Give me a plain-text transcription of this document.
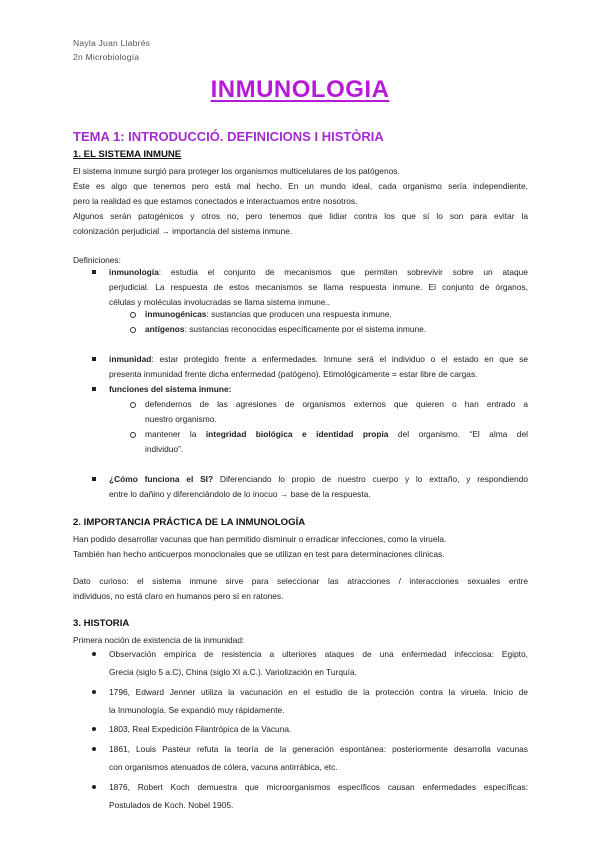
Nayla Juan Llabrés
2n Microbiología
INMUNOLOGIA
TEMA 1: INTRODUCCIÓ. DEFINICIONS I HISTÒRIA
1. EL SISTEMA INMUNE
El sistema inmune surgió para proteger los organismos multicelulares de los patógenos.
Éste es algo que tenemos pero está mal hecho. En un mundo ideal, cada organismo sería independiente,
pero la realidad es que estamos conectados e interactuamos entre nosotros.
Algunos serán patogénicos y otros no, pero tenemos que lidiar contra los que sí lo son para evitar la
colonización perjudicial → importancia del sistema inmune.
Definiciones:
inmunología: estudia el conjunto de mecanismos que permiten sobrevivir sobre un ataque
perjudicial. La respuesta de estos mecanismos se llama respuesta inmune. El conjunto de órganos,
células y moléculas involucradas se llama sistema inmune..
inmunogénicas: sustancias que producen una respuesta inmune.
antígenos: sustancias reconocidas específicamente por el sistema inmune.
inmunidad: estar protegido frente a enfermedades. Inmune será el individuo o el estado en que se
presenta inmunidad frente dicha enfermedad (patógeno). Etimológicamente = estar libre de cargas.
funciones del sistema inmune:
defendernos de las agresiones de organismos externos que quieren o han entrado a
nuestro organismo.
mantener la integridad biológica e identidad propia del organismo. “El alma del
individuo”.
¿Cómo funciona el SI? Diferenciando lo propio de nuestro cuerpo y lo extraño, y respondiendo
entre lo dañino y diferenciándolo de lo inocuo → base de la respuesta.
2. IMPORTANCIA PRÁCTICA DE LA INMUNOLOGÍA
Han podido desarrollar vacunas que han permitido disminuir o erradicar infecciones, como la viruela.
También han hecho anticuerpos monoclonales que se utilizan en test para determinaciones clínicas.
Dato curioso: el sistema inmune sirve para seleccionar las atracciones / interacciones sexuales entre
individuos, no está claro en humanos pero sí en ratones.
3. HISTORIA
Primera noción de existencia de la inmunidad:
Observación empírica de resistencia a ulteriores ataques de una enfermedad infecciosa: Egipto,
Grecia (siglo 5 a.C), China (siglo XI a.C.). Variolización en Turquía.
1796, Edward Jenner utiliza la vacunación en el estudio de la protección contra la viruela. Inicio de
la Inmunología. Se expandió muy rápidamente.
1803, Real Expedición Filantrópica de la Vacuna.
1861, Louis Pasteur refuta la teoría de la generación espontánea: posteriormente desarrolla vacunas
con organismos atenuados de cólera, vacuna antirrábica, etc.
1876, Robert Koch demuestra que microorganismos específicos causan enfermedades específicas:
Postulados de Koch. Nobel 1905.
